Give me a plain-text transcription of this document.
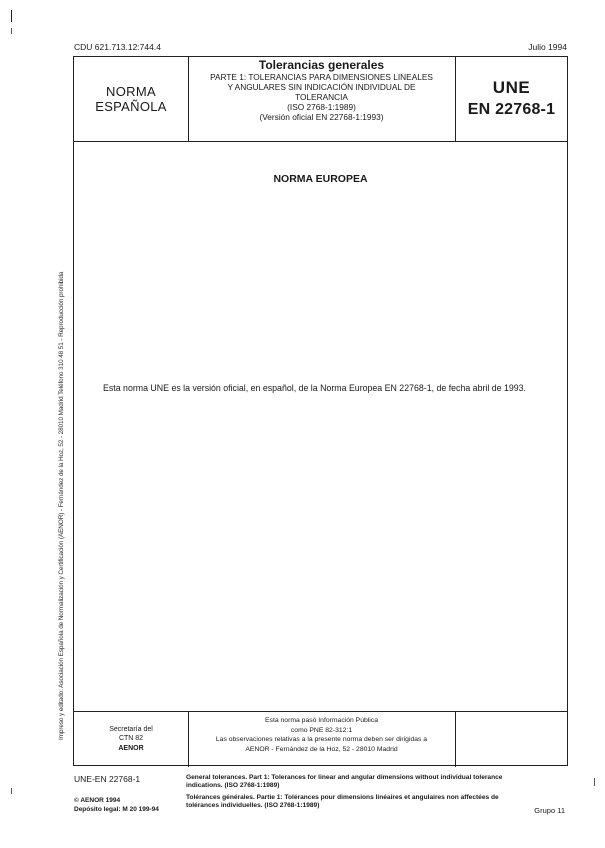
CDU 621.713.12:744.4	Julio 1994
Impreso y editado: Asociación Española de Normalización y Certificación (AENOR) - Fernández de la Hoz, 52 - 28010 Madrid Teléfono 310 48 51 - Reproducción prohibida
NORMA
ESPAÑOLA
Tolerancias generales
PARTE 1: TOLERANCIAS PARA DIMENSIONES LINEALES
Y ANGULARES SIN INDICACIÓN INDIVIDUAL DE
TOLERANCIA
(ISO 2768-1:1989)
(Versión oficial EN 22768-1:1993)
UNE
EN 22768-1
NORMA EUROPEA
Esta norma UNE es la versión oficial, en español, de la Norma Europea EN 22768-1, de fecha abril de 1993.
Secretaría del
CTN 82
AENOR
Esta norma pasó Información Pública
como PNE 82-312:1
Las observaciones relativas a la presente norma deben ser dirigidas a
AENOR - Fernández de la Hoz, 52 - 28010 Madrid
UNE-EN 22768-1
© AENOR 1994
Depósito legal: M 20 199-94
General tolerances. Part 1: Tolerances for linear and angular dimensions without individual tolerance indications. (ISO 2768-1:1989)
Tolérances générales. Partie 1: Tolérances pour dimensions linéaires et angulaires non affectées de tolérances individuelles. (ISO 2768-1:1989)
Grupo 11
